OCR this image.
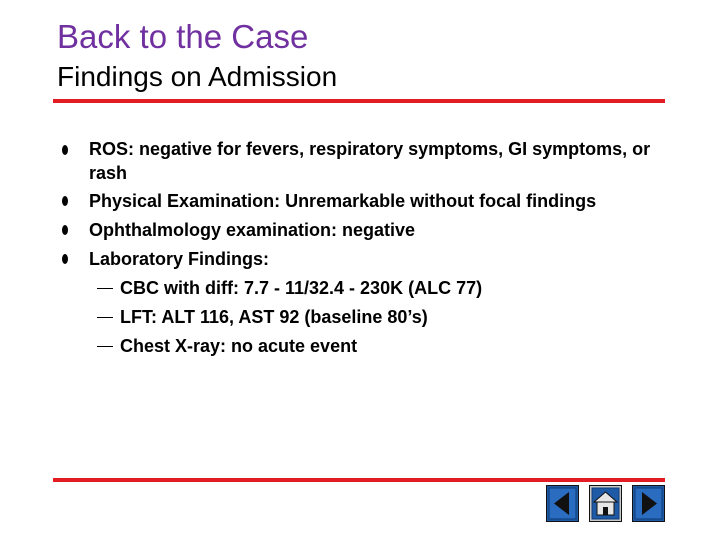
Back to the Case
Findings on Admission
ROS: negative for fevers, respiratory symptoms, GI symptoms, or
rash
Physical Examination: Unremarkable without focal findings
Ophthalmology examination: negative
Laboratory Findings:
CBC with diff: 7.7 - 11/32.4 - 230K (ALC 77)
LFT: ALT 116, AST 92 (baseline 80’s)
Chest X-ray: no acute event
